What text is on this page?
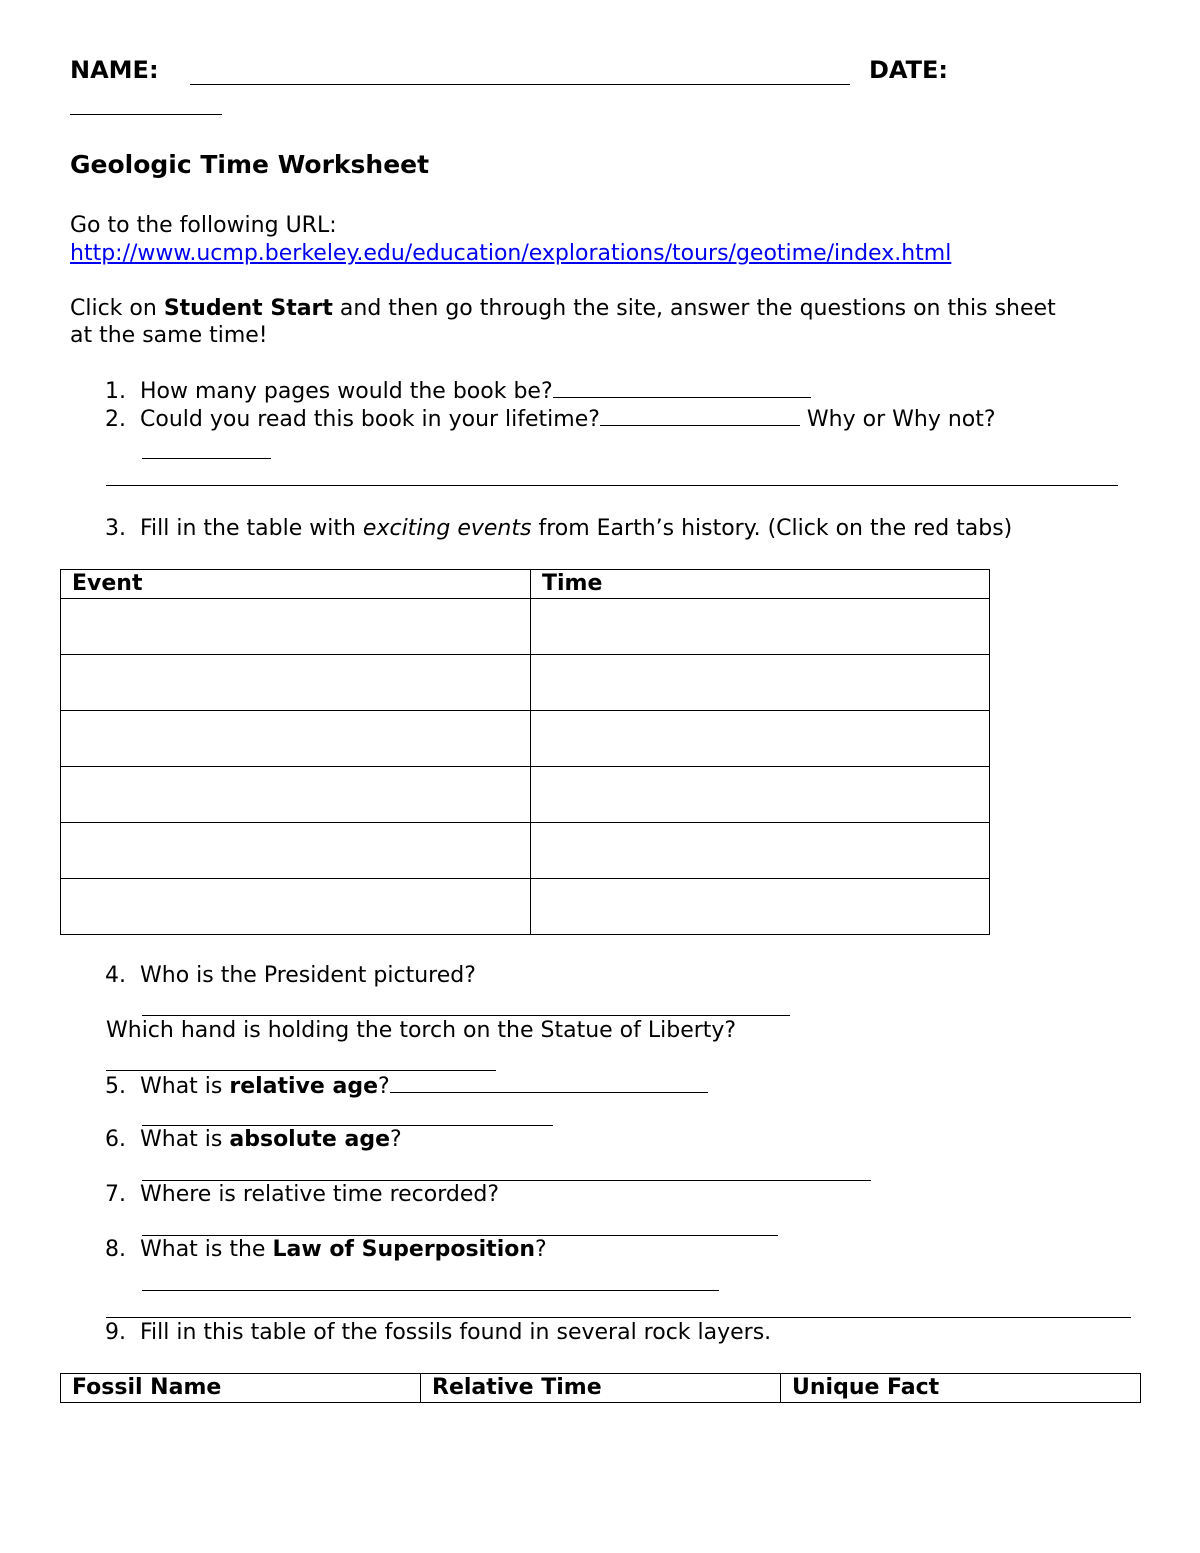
NAME:	DATE:
Geologic Time Worksheet
Go to the following URL:
http://www.ucmp.berkeley.edu/education/explorations/tours/geotime/index.html
Click on Student Start and then go through the site, answer the questions on this sheet
at the same time!
1. How many pages would the book be?
2. Could you read this book in your lifetime?	Why or Why not?
3. Fill in the table with exciting events from Earth’s history. (Click on the red tabs)
Event	Time

4. Who is the President pictured?
Which hand is holding the torch on the Statue of Liberty?
5. What is relative age?
6. What is absolute age?
7. Where is relative time recorded?
8. What is the Law of Superposition?
9. Fill in this table of the fossils found in several rock layers.
Fossil Name	Relative Time	Unique Fact
